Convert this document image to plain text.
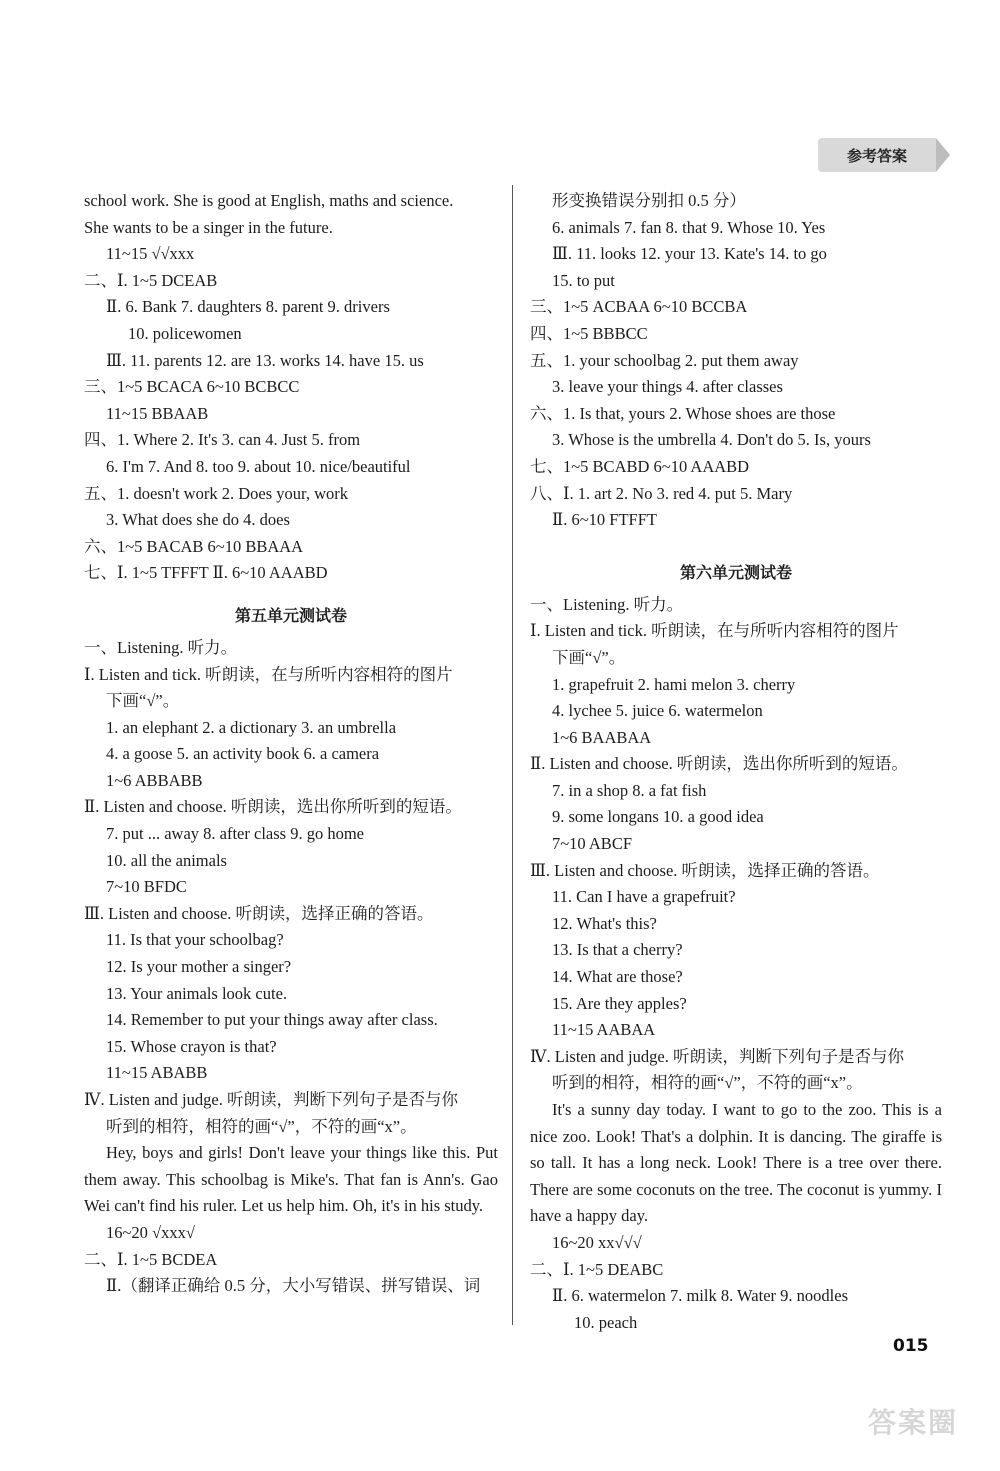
参考答案
school work. She is good at English, maths and science.
She wants to be a singer in the future.
11~15 √√xxx
二、Ⅰ. 1~5 DCEAB
Ⅱ. 6. Bank 7. daughters 8. parent 9. drivers
10. policewomen
Ⅲ. 11. parents 12. are 13. works 14. have 15. us
三、1~5 BCACA 6~10 BCBCC
11~15 BBAAB
四、1. Where 2. It's 3. can 4. Just 5. from
6. I'm 7. And 8. too 9. about 10. nice/beautiful
五、1. doesn't work 2. Does your, work
3. What does she do 4. does
六、1~5 BACAB 6~10 BBAAA
七、Ⅰ. 1~5 TFFFT Ⅱ. 6~10 AAABD
第五单元测试卷
一、Listening. 听力。
Ⅰ. Listen and tick. 听朗读，在与所听内容相符的图片
下画“√”。
1. an elephant 2. a dictionary 3. an umbrella
4. a goose 5. an activity book 6. a camera
1~6 ABBABB
Ⅱ. Listen and choose. 听朗读，选出你所听到的短语。
7. put ... away 8. after class 9. go home
10. all the animals
7~10 BFDC
Ⅲ. Listen and choose. 听朗读，选择正确的答语。
11. Is that your schoolbag?
12. Is your mother a singer?
13. Your animals look cute.
14. Remember to put your things away after class.
15. Whose crayon is that?
11~15 ABABB
Ⅳ. Listen and judge. 听朗读，判断下列句子是否与你
听到的相符，相符的画“√”，不符的画“x”。
Hey, boys and girls! Don't leave your things like this. Put them away. This schoolbag is Mike's. That fan is Ann's. Gao Wei can't find his ruler. Let us help him. Oh, it's in his study.
16~20 √xxx√
二、Ⅰ. 1~5 BCDEA
Ⅱ.（翻译正确给 0.5 分，大小写错误、拼写错误、词
形变换错误分别扣 0.5 分）
6. animals 7. fan 8. that 9. Whose 10. Yes
Ⅲ. 11. looks 12. your 13. Kate's 14. to go
15. to put
三、1~5 ACBAA 6~10 BCCBA
四、1~5 BBBCC
五、1. your schoolbag 2. put them away
3. leave your things 4. after classes
六、1. Is that, yours 2. Whose shoes are those
3. Whose is the umbrella 4. Don't do 5. Is, yours
七、1~5 BCABD 6~10 AAABD
八、Ⅰ. 1. art 2. No 3. red 4. put 5. Mary
Ⅱ. 6~10 FTFFT
第六单元测试卷
一、Listening. 听力。
Ⅰ. Listen and tick. 听朗读，在与所听内容相符的图片
下画“√”。
1. grapefruit 2. hami melon 3. cherry
4. lychee 5. juice 6. watermelon
1~6 BAABAA
Ⅱ. Listen and choose. 听朗读，选出你所听到的短语。
7. in a shop 8. a fat fish
9. some longans 10. a good idea
7~10 ABCF
Ⅲ. Listen and choose. 听朗读，选择正确的答语。
11. Can I have a grapefruit?
12. What's this?
13. Is that a cherry?
14. What are those?
15. Are they apples?
11~15 AABAA
Ⅳ. Listen and judge. 听朗读，判断下列句子是否与你
听到的相符，相符的画“√”，不符的画“x”。
It's a sunny day today. I want to go to the zoo. This is a nice zoo. Look! That's a dolphin. It is dancing. The giraffe is so tall. It has a long neck. Look! There is a tree over there. There are some coconuts on the tree. The coconut is yummy. I have a happy day.
16~20 xx√√√
二、Ⅰ. 1~5 DEABC
Ⅱ. 6. watermelon 7. milk 8. Water 9. noodles
10. peach
015
答案圈
